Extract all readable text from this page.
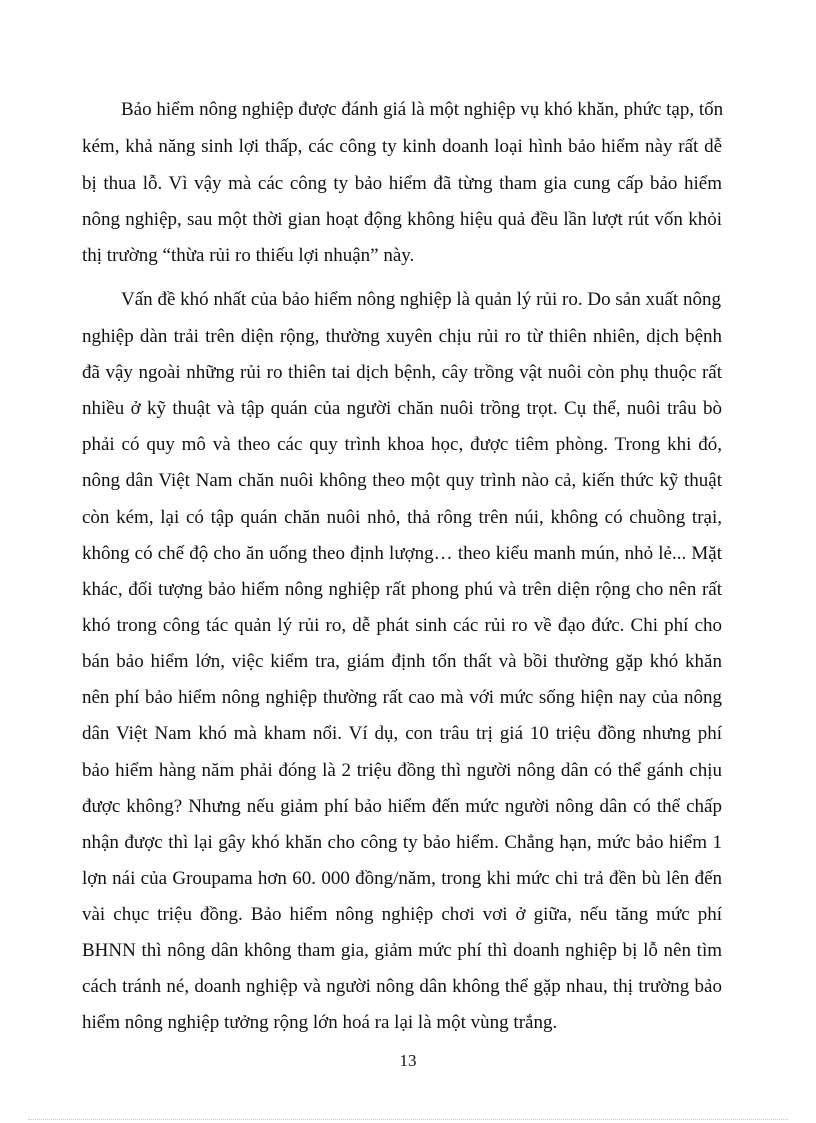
Bảo hiểm nông nghiệp được đánh giá là một nghiệp vụ khó khăn, phức tạp, tốn
kém, khả năng sinh lợi thấp, các công ty kinh doanh loại hình bảo hiểm này rất dễ
bị thua lỗ. Vì vậy mà các công ty bảo hiểm đã từng tham gia cung cấp bảo hiểm
nông nghiệp, sau một thời gian hoạt động không hiệu quả đều lần lượt rút vốn khỏi
thị trường “thừa rủi ro thiếu lợi nhuận” này.
Vấn đề khó nhất của bảo hiểm nông nghiệp là quản lý rủi ro. Do sản xuất nông
nghiệp dàn trải trên diện rộng, thường xuyên chịu rủi ro từ thiên nhiên, dịch bệnh
đã vậy ngoài những rủi ro thiên tai dịch bệnh, cây trồng vật nuôi còn phụ thuộc rất
nhiều ở kỹ thuật và tập quán của người chăn nuôi trồng trọt. Cụ thể, nuôi trâu bò
phải có quy mô và theo các quy trình khoa học, được tiêm phòng. Trong khi đó,
nông dân Việt Nam chăn nuôi không theo một quy trình nào cả, kiến thức kỹ thuật
còn kém, lại có tập quán chăn nuôi nhỏ, thả rông trên núi, không có chuồng trại,
không có chế độ cho ăn uống theo định lượng… theo kiểu manh mún, nhỏ lẻ... Mặt
khác, đối tượng bảo hiểm nông nghiệp rất phong phú và trên diện rộng cho nên rất
khó trong công tác quản lý rủi ro, dễ phát sinh các rủi ro về đạo đức. Chi phí cho
bán bảo hiểm lớn, việc kiểm tra, giám định tổn thất và bồi thường gặp khó khăn
nên phí bảo hiểm nông nghiệp thường rất cao mà với mức sống hiện nay của nông
dân Việt Nam khó mà kham nổi. Ví dụ, con trâu trị giá 10 triệu đồng nhưng phí
bảo hiểm hàng năm phải đóng là 2 triệu đồng thì người nông dân có thể gánh chịu
được không? Nhưng nếu giảm phí bảo hiểm đến mức người nông dân có thể chấp
nhận được thì lại gây khó khăn cho công ty bảo hiểm. Chẳng hạn, mức bảo hiểm 1
lợn nái của Groupama hơn 60. 000 đồng/năm, trong khi mức chi trả đền bù lên đến
vài chục triệu đồng. Bảo hiểm nông nghiệp chơi vơi ở giữa, nếu tăng mức phí
BHNN thì nông dân không tham gia, giảm mức phí thì doanh nghiệp bị lỗ nên tìm
cách tránh né, doanh nghiệp và người nông dân không thể gặp nhau, thị trường bảo
hiểm nông nghiệp tưởng rộng lớn hoá ra lại là một vùng trắng.
13
